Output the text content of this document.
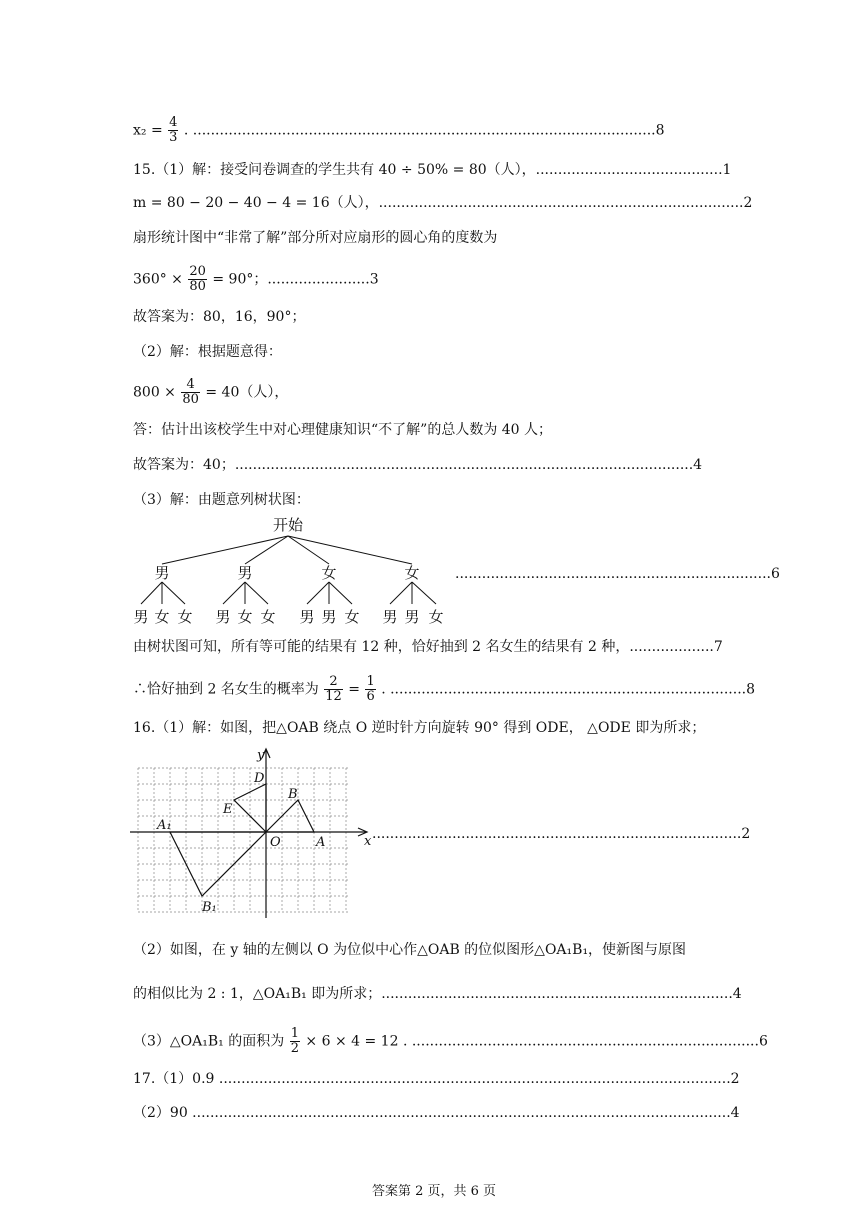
$x_2 = \frac{4}{3}$ . ........................................................................................................8
15.（1）解：接受问卷调查的学生共有 40 ÷ 50% = 80（人），..........................................1
m = 80 − 20 − 40 − 4 = 16（人），..................................................................................2
扇形统计图中“非常了解”部分所对应扇形的圆心角的度数为
$360^\circ \times \frac{20}{80} = 90^\circ$；.......................3
故答案为：80，16，90°；
（2）解：根据题意得：
$800 \times \frac{4}{80} = 40$（人），
答：估计出该校学生中对心理健康知识“不了解”的总人数为 40 人；
故答案为：40；.......................................................................................................4
（3）解：由题意列树状图：
开始
男	男	女	女
男 女 女 男 女 女 男 男 女 男 男 女
.......................................................................6
由树状图可知，所有等可能的结果有 12 种，恰好抽到 2 名女生的结果有 2 种，...................7
∴恰好抽到 2 名女生的概率为 $\frac{2}{12} = \frac{1}{6}$ . ................................................................................8
16.（1）解：如图，把△OAB 绕点 O 逆时针方向旋转 90° 得到 ODE， △ODE 即为所求；
x
y
O	A
B
D
E
A₁
B₁
...................................................................................2
（2）如图，在 y 轴的左侧以 O 为位似中心作△OAB 的位似图形△OA₁B₁，使新图与原图
的相似比为 2 : 1，△OA₁B₁ 即为所求；...............................................................................4
（3）△OA₁B₁ 的面积为 $\frac{1}{2} \times 6 \times 4 = 12$ . ..............................................................................6
17.（1）0.9 ...................................................................................................................2
（2）90 .........................................................................................................................4
答案第 2 页，共 6 页
